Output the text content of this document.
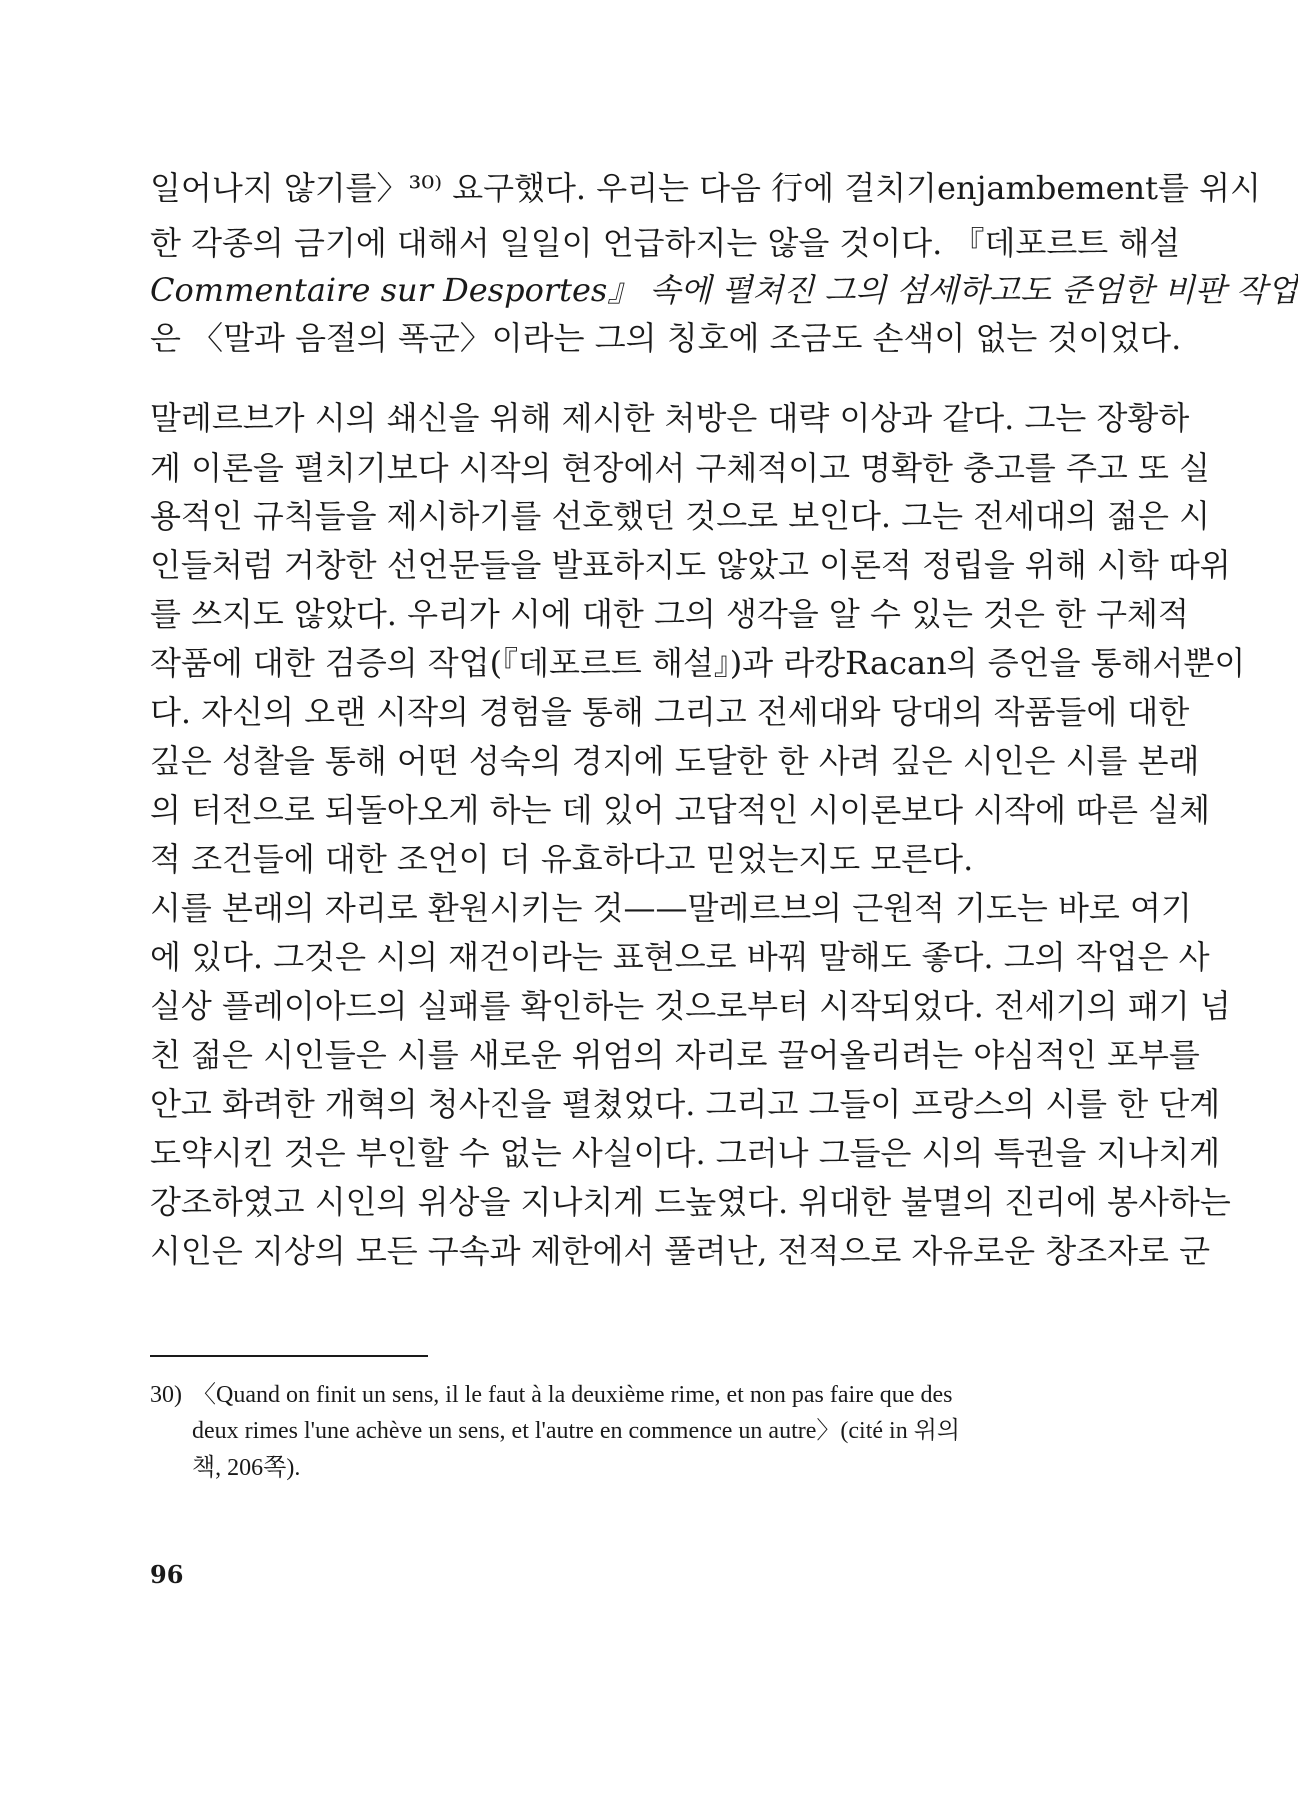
일어나지 않기를〉³⁰⁾ 요구했다. 우리는 다음 行에 걸치기enjambement를 위시
한 각종의 금기에 대해서 일일이 언급하지는 않을 것이다. 『데포르트 해설
Commentaire sur Desportes』 속에 펼쳐진 그의 섬세하고도 준엄한 비판 작업
은 〈말과 음절의 폭군〉이라는 그의 칭호에 조금도 손색이 없는 것이었다.
말레르브가 시의 쇄신을 위해 제시한 처방은 대략 이상과 같다. 그는 장황하
게 이론을 펼치기보다 시작의 현장에서 구체적이고 명확한 충고를 주고 또 실
용적인 규칙들을 제시하기를 선호했던 것으로 보인다. 그는 전세대의 젊은 시
인들처럼 거창한 선언문들을 발표하지도 않았고 이론적 정립을 위해 시학 따위
를 쓰지도 않았다. 우리가 시에 대한 그의 생각을 알 수 있는 것은 한 구체적
작품에 대한 검증의 작업(『데포르트 해설』)과 라캉Racan의 증언을 통해서뿐이
다. 자신의 오랜 시작의 경험을 통해 그리고 전세대와 당대의 작품들에 대한
깊은 성찰을 통해 어떤 성숙의 경지에 도달한 한 사려 깊은 시인은 시를 본래
의 터전으로 되돌아오게 하는 데 있어 고답적인 시이론보다 시작에 따른 실체
적 조건들에 대한 조언이 더 유효하다고 믿었는지도 모른다.
시를 본래의 자리로 환원시키는 것——말레르브의 근원적 기도는 바로 여기
에 있다. 그것은 시의 재건이라는 표현으로 바꿔 말해도 좋다. 그의 작업은 사
실상 플레이아드의 실패를 확인하는 것으로부터 시작되었다. 전세기의 패기 넘
친 젊은 시인들은 시를 새로운 위엄의 자리로 끌어올리려는 야심적인 포부를
안고 화려한 개혁의 청사진을 펼쳤었다. 그리고 그들이 프랑스의 시를 한 단계
도약시킨 것은 부인할 수 없는 사실이다. 그러나 그들은 시의 특권을 지나치게
강조하였고 시인의 위상을 지나치게 드높였다. 위대한 불멸의 진리에 봉사하는
시인은 지상의 모든 구속과 제한에서 풀려난, 전적으로 자유로운 창조자로 군
30) 〈Quand on finit un sens, il le faut à la deuxième rime, et non pas faire que des
deux rimes l'une achève un sens, et l'autre en commence un autre〉(cité in 위의
책, 206쪽).
96
